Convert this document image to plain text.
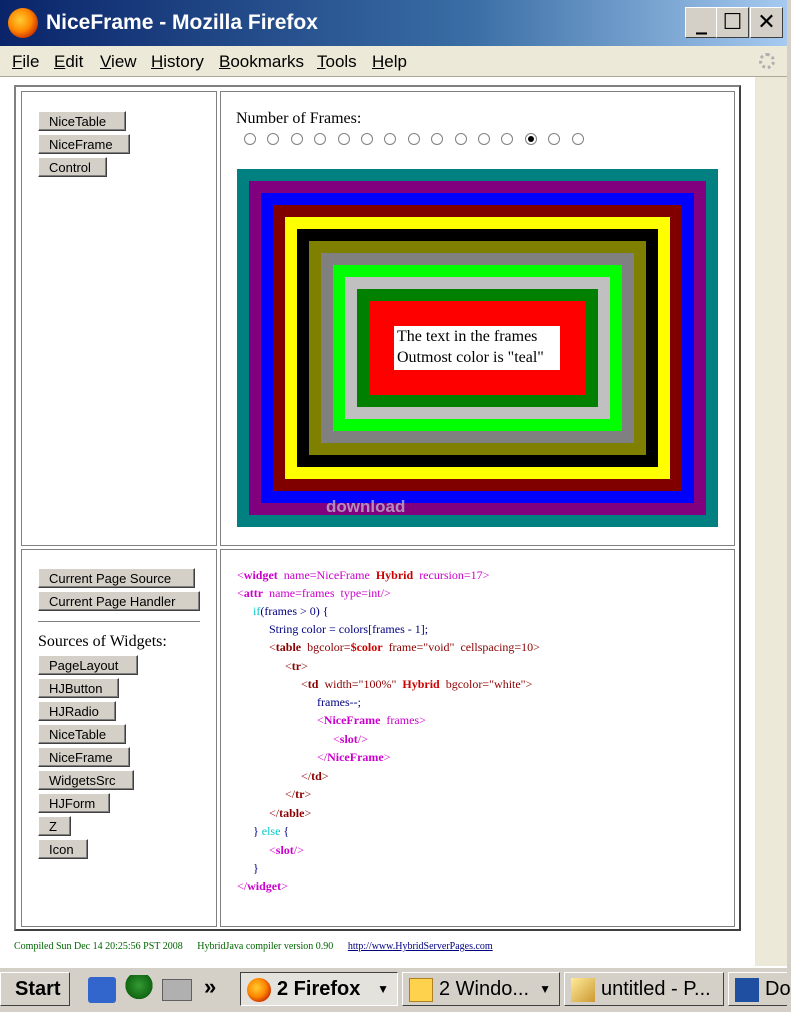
NiceFrame - Mozilla Firefox	_ ☐ ✕
File Edit View History Bookmarks Tools Help
NiceTable
NiceFrame
Control
Number of Frames:
The text in the frames
Outmost color is "teal"
download
Current Page Source
Current Page Handler
Sources of Widgets:
PageLayout
HJButton
HJRadio
NiceTable
NiceFrame
WidgetsSrc
HJForm
Z
Icon
<widget name=NiceFrame Hybrid recursion=17>
<attr name=frames  type=int/>
if(frames > 0) {
String color = colors[frames - 1];
<table bgcolor=$color frame="void"  cellspacing=10>
<tr>
<td width="100%" Hybrid bgcolor="white">
frames--;
<NiceFrame frames>
<slot/>
</NiceFrame>
</td>
</tr>
</table>
} else {
<slot/>
}
</widget>
Compiled Sun Dec 14 20:25:56 PST 2008 HybridJava compiler version 0.90 http://www.HybridServerPages.com
Start	»	2 Firefox ▼	2 Windo... ▼	untitled - P...	Do
